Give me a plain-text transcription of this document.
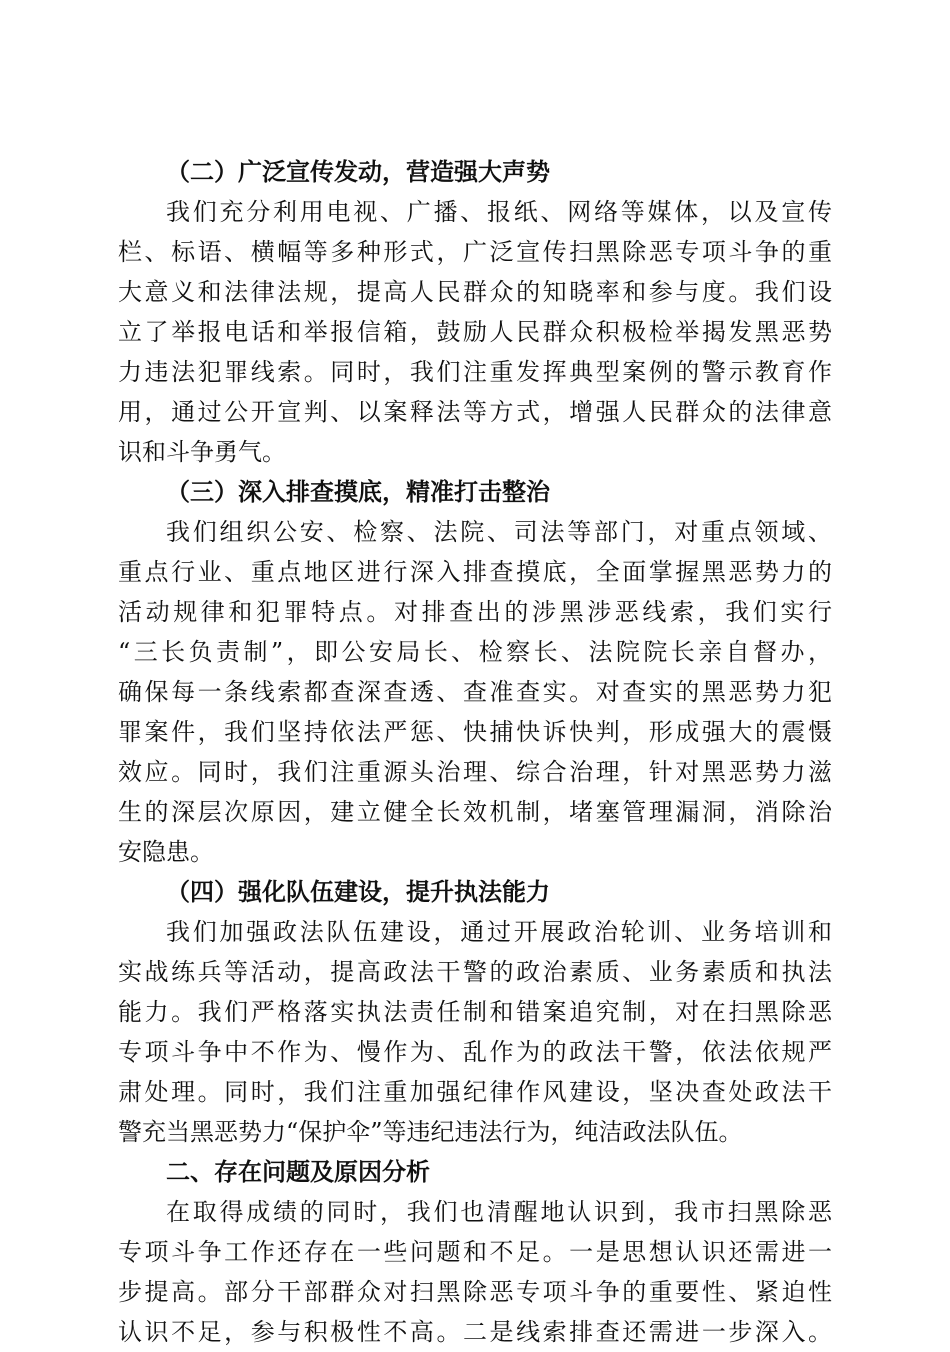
（二）广泛宣传发动，营造强大声势
我们充分利用电视、广播、报纸、网络等媒体，以及宣传
栏、标语、横幅等多种形式，广泛宣传扫黑除恶专项斗争的重
大意义和法律法规，提高人民群众的知晓率和参与度。我们设
立了举报电话和举报信箱，鼓励人民群众积极检举揭发黑恶势
力违法犯罪线索。同时，我们注重发挥典型案例的警示教育作
用，通过公开宣判、以案释法等方式，增强人民群众的法律意
识和斗争勇气。
（三）深入排查摸底，精准打击整治
我们组织公安、检察、法院、司法等部门，对重点领域、
重点行业、重点地区进行深入排查摸底，全面掌握黑恶势力的
活动规律和犯罪特点。对排查出的涉黑涉恶线索，我们实行
“三长负责制”，即公安局长、检察长、法院院长亲自督办，
确保每一条线索都查深查透、查准查实。对查实的黑恶势力犯
罪案件，我们坚持依法严惩、快捕快诉快判，形成强大的震慑
效应。同时，我们注重源头治理、综合治理，针对黑恶势力滋
生的深层次原因，建立健全长效机制，堵塞管理漏洞，消除治
安隐患。
（四）强化队伍建设，提升执法能力
我们加强政法队伍建设，通过开展政治轮训、业务培训和
实战练兵等活动，提高政法干警的政治素质、业务素质和执法
能力。我们严格落实执法责任制和错案追究制，对在扫黑除恶
专项斗争中不作为、慢作为、乱作为的政法干警，依法依规严
肃处理。同时，我们注重加强纪律作风建设，坚决查处政法干
警充当黑恶势力“保护伞”等违纪违法行为，纯洁政法队伍。
二、存在问题及原因分析
在取得成绩的同时，我们也清醒地认识到，我市扫黑除恶
专项斗争工作还存在一些问题和不足。一是思想认识还需进一
步提高。部分干部群众对扫黑除恶专项斗争的重要性、紧迫性
认识不足，参与积极性不高。二是线索排查还需进一步深入。
